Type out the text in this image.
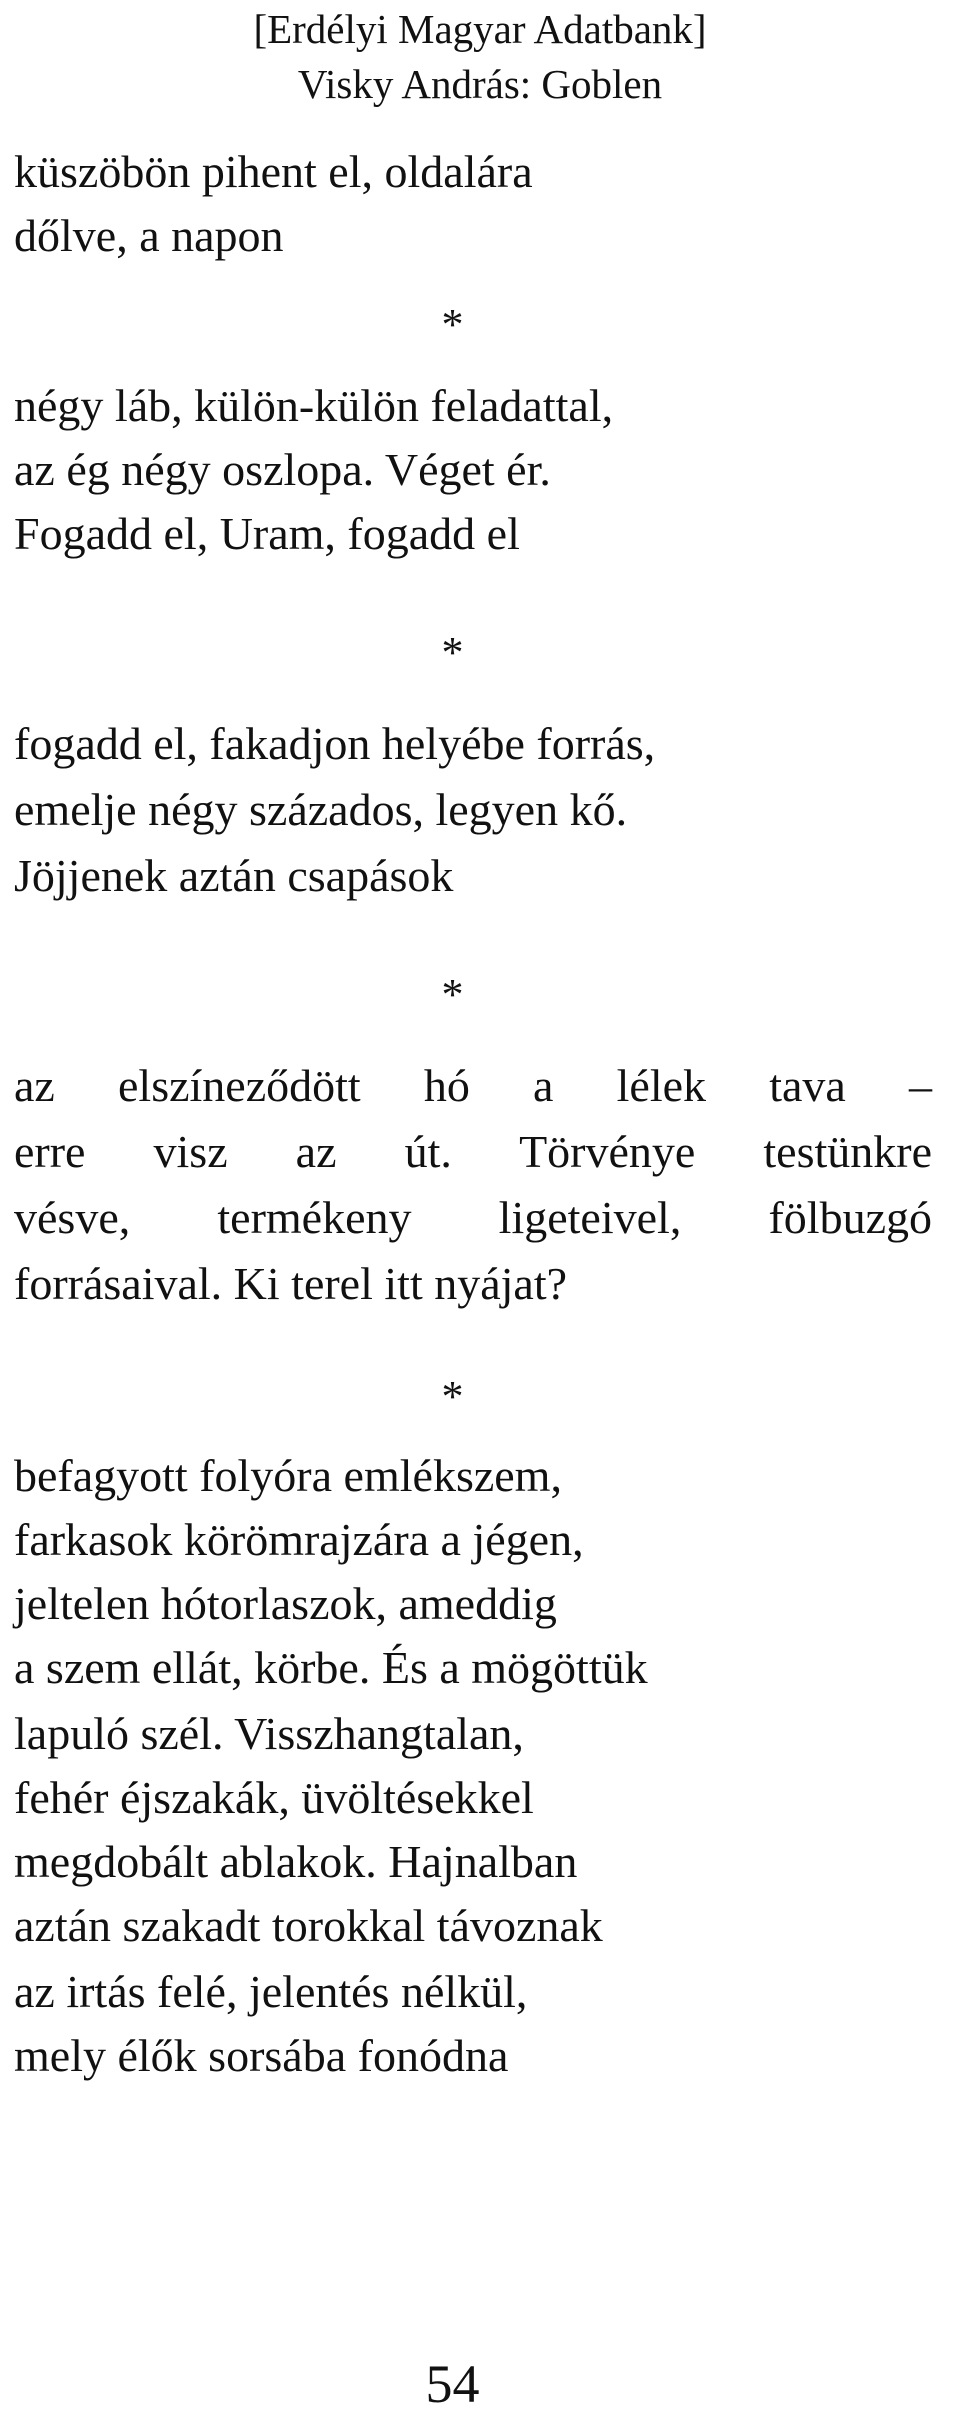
[Erdélyi Magyar Adatbank]
Visky András: Goblen
küszöbön pihent el, oldalára
dőlve, a napon
*
négy láb, külön-külön feladattal,
az ég négy oszlopa. Véget ér.
Fogadd el, Uram, fogadd el
*
fogadd el, fakadjon helyébe forrás,
emelje négy százados, legyen kő.
Jöjjenek aztán csapások
*
az elszíneződött hó a lélek tava –
erre visz az út. Törvénye testünkre
vésve, termékeny ligeteivel, fölbuzgó
forrásaival. Ki terel itt nyájat?
*
befagyott folyóra emlékszem,
farkasok körömrajzára a jégen,
jeltelen hótorlaszok, ameddig
a szem ellát, körbe. És a mögöttük
lapuló szél. Visszhangtalan,
fehér éjszakák, üvöltésekkel
megdobált ablakok. Hajnalban
aztán szakadt torokkal távoznak
az irtás felé, jelentés nélkül,
mely élők sorsába fonódna
54
